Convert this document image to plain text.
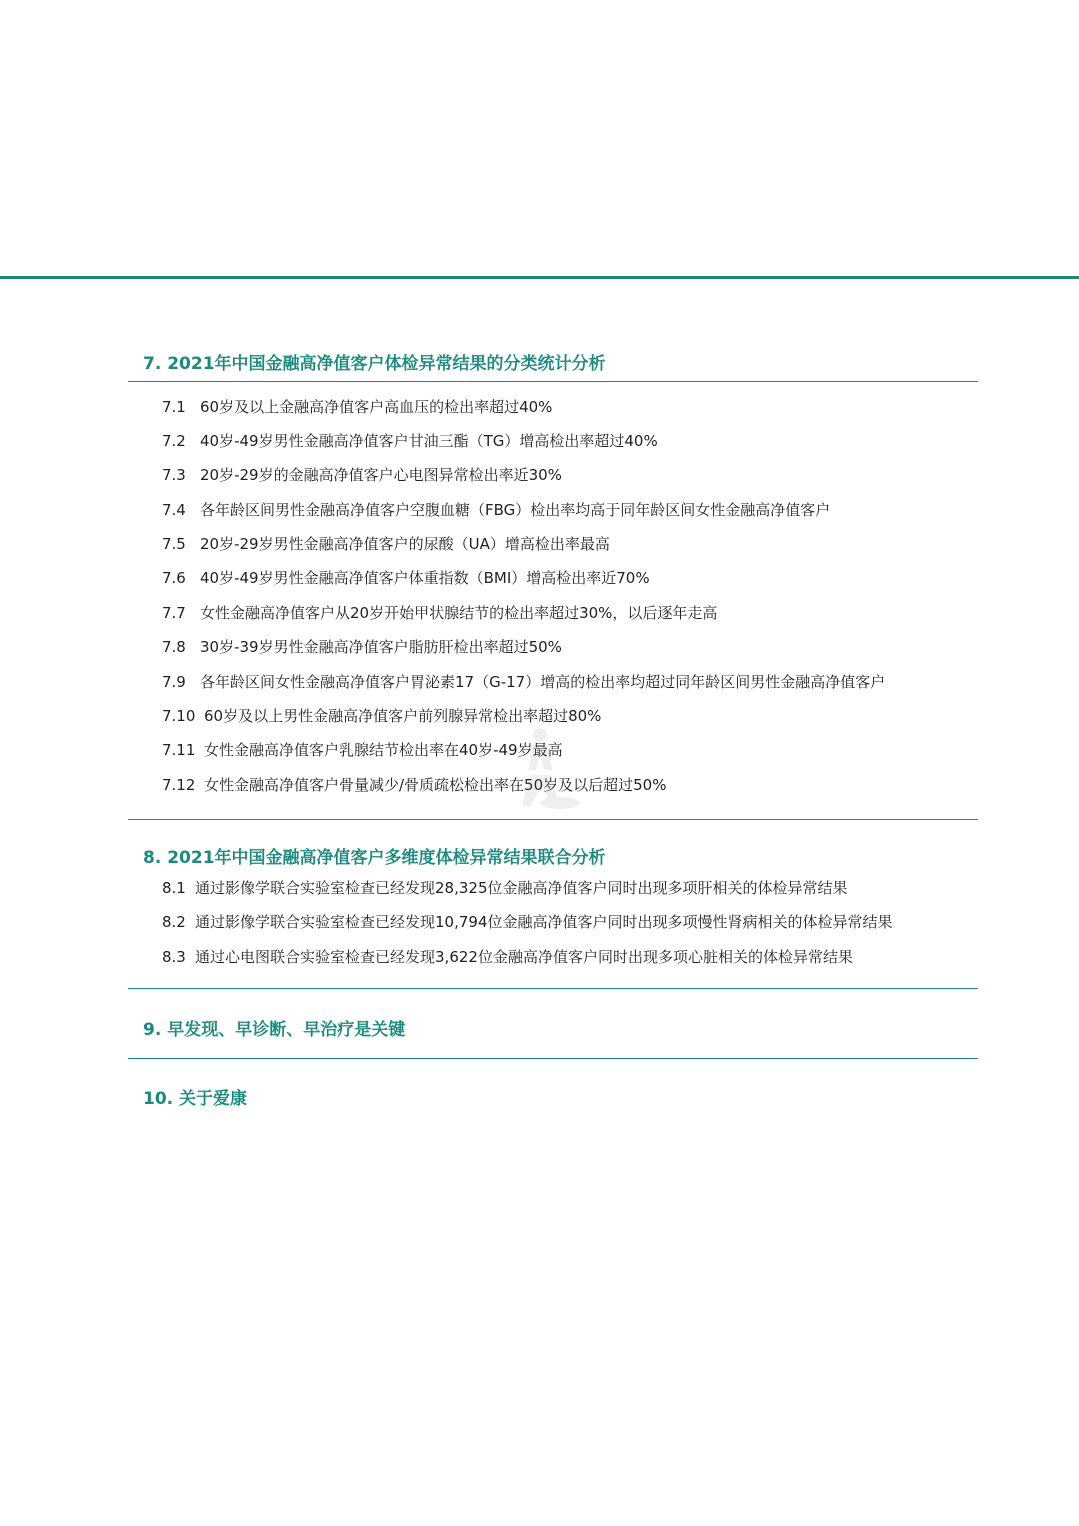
7. 2021年中国金融高净值客户体检异常结果的分类统计分析
7.1 60岁及以上金融高净值客户高血压的检出率超过40%
7.2 40岁-49岁男性金融高净值客户甘油三酯（TG）增高检出率超过40%
7.3 20岁-29岁的金融高净值客户心电图异常检出率近30%
7.4 各年龄区间男性金融高净值客户空腹血糖（FBG）检出率均高于同年龄区间女性金融高净值客户
7.5 20岁-29岁男性金融高净值客户的尿酸（UA）增高检出率最高
7.6 40岁-49岁男性金融高净值客户体重指数（BMI）增高检出率近70%
7.7 女性金融高净值客户从20岁开始甲状腺结节的检出率超过30%，以后逐年走高
7.8 30岁-39岁男性金融高净值客户脂肪肝检出率超过50%
7.9 各年龄区间女性金融高净值客户胃泌素17（G-17）增高的检出率均超过同年龄区间男性金融高净值客户
7.10 60岁及以上男性金融高净值客户前列腺异常检出率超过80%
7.11 女性金融高净值客户乳腺结节检出率在40岁-49岁最高
7.12 女性金融高净值客户骨量减少/骨质疏松检出率在50岁及以后超过50%
8. 2021年中国金融高净值客户多维度体检异常结果联合分析
8.1 通过影像学联合实验室检查已经发现28,325位金融高净值客户同时出现多项肝相关的体检异常结果
8.2 通过影像学联合实验室检查已经发现10,794位金融高净值客户同时出现多项慢性肾病相关的体检异常结果
8.3 通过心电图联合实验室检查已经发现3,622位金融高净值客户同时出现多项心脏相关的体检异常结果
9. 早发现、早诊断、早治疗是关键
10. 关于爱康
